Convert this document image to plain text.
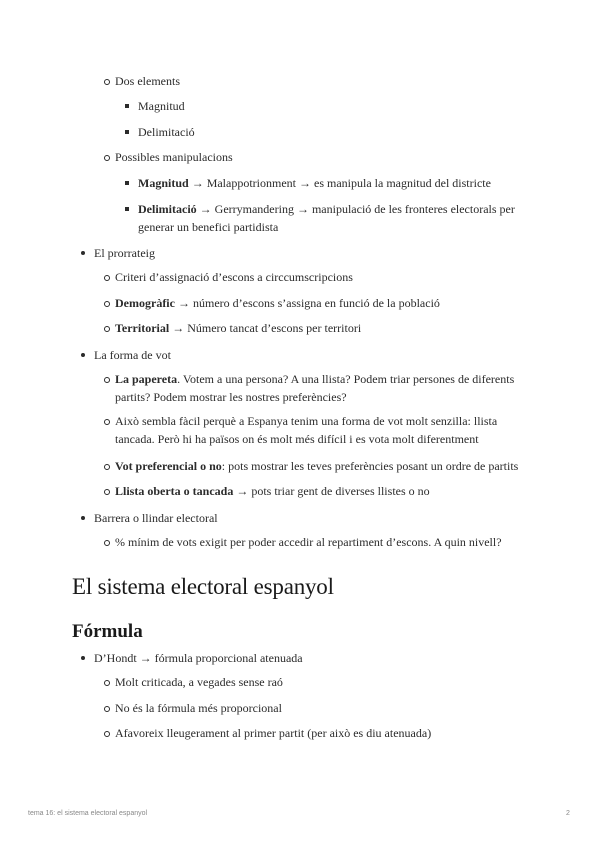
Dos elements
Magnitud
Delimitació
Possibles manipulacions
Magnitud → Malappotrionment → es manipula la magnitud del districte
Delimitació → Gerrymandering → manipulació de les fronteres electorals per generar un benefici partidista
El prorrateig
Criteri d’assignació d’escons a circcumscripcions
Demogràfic → número d’escons s’assigna en funció de la població
Territorial → Número tancat d’escons per territori
La forma de vot
La papereta. Votem a una persona? A una llista? Podem triar persones de diferents partits? Podem mostrar les nostres preferències?
Això sembla fàcil perquè a Espanya tenim una forma de vot molt senzilla: llista tancada. Però hi ha països on és molt més difícil i es vota molt diferentment
Vot preferencial o no: pots mostrar les teves preferències posant un ordre de partits
Llista oberta o tancada → pots triar gent de diverses llistes o no
Barrera o llindar electoral
% mínim de vots exigit per poder accedir al repartiment d’escons. A quin nivell?
El sistema electoral espanyol
Fórmula
D’Hondt → fórmula proporcional atenuada
Molt criticada, a vegades sense raó
No és la fórmula més proporcional
Afavoreix lleugerament al primer partit (per això es diu atenuada)
tema 16: el sistema electoral espanyol	2
